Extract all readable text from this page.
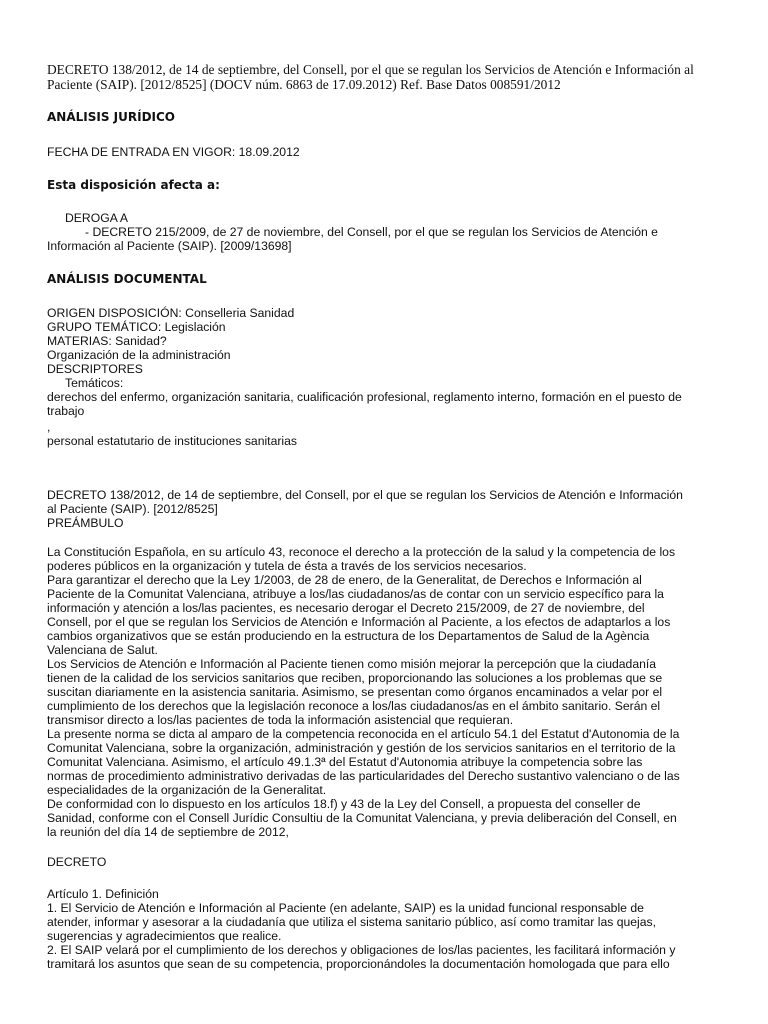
DECRETO 138/2012, de 14 de septiembre, del Consell, por el que se regulan los Servicios de Atención e Información al
Paciente (SAIP). [2012/8525] (DOCV núm. 6863 de 17.09.2012) Ref. Base Datos 008591/2012
ANÁLISIS JURÍDICO
FECHA DE ENTRADA EN VIGOR: 18.09.2012
Esta disposición afecta a:
DEROGA A
- DECRETO 215/2009, de 27 de noviembre, del Consell, por el que se regulan los Servicios de Atención e
Información al Paciente (SAIP). [2009/13698]
ANÁLISIS DOCUMENTAL
ORIGEN DISPOSICIÓN: Conselleria Sanidad
GRUPO TEMÁTICO: Legislación
MATERIAS: Sanidad?
Organización de la administración
DESCRIPTORES
Temáticos:
derechos del enfermo, organización sanitaria, cualificación profesional, reglamento interno, formación en el puesto de
trabajo
,
personal estatutario de instituciones sanitarias
DECRETO 138/2012, de 14 de septiembre, del Consell, por el que se regulan los Servicios de Atención e Información
al Paciente (SAIP). [2012/8525]
PREÁMBULO
La Constitución Española, en su artículo 43, reconoce el derecho a la protección de la salud y la competencia de los
poderes públicos en la organización y tutela de ésta a través de los servicios necesarios.
Para garantizar el derecho que la Ley 1/2003, de 28 de enero, de la Generalitat, de Derechos e Información al
Paciente de la Comunitat Valenciana, atribuye a los/las ciudadanos/as de contar con un servicio específico para la
información y atención a los/las pacientes, es necesario derogar el Decreto 215/2009, de 27 de noviembre, del
Consell, por el que se regulan los Servicios de Atención e Información al Paciente, a los efectos de adaptarlos a los
cambios organizativos que se están produciendo en la estructura de los Departamentos de Salud de la Agència
Valenciana de Salut.
Los Servicios de Atención e Información al Paciente tienen como misión mejorar la percepción que la ciudadanía
tienen de la calidad de los servicios sanitarios que reciben, proporcionando las soluciones a los problemas que se
suscitan diariamente en la asistencia sanitaria. Asimismo, se presentan como órganos encaminados a velar por el
cumplimiento de los derechos que la legislación reconoce a los/las ciudadanos/as en el ámbito sanitario. Serán el
transmisor directo a los/las pacientes de toda la información asistencial que requieran.
La presente norma se dicta al amparo de la competencia reconocida en el artículo 54.1 del Estatut d'Autonomia de la
Comunitat Valenciana, sobre la organización, administración y gestión de los servicios sanitarios en el territorio de la
Comunitat Valenciana. Asimismo, el artículo 49.1.3ª del Estatut d'Autonomia atribuye la competencia sobre las
normas de procedimiento administrativo derivadas de las particularidades del Derecho sustantivo valenciano o de las
especialidades de la organización de la Generalitat.
De conformidad con lo dispuesto en los artículos 18.f) y 43 de la Ley del Consell, a propuesta del conseller de
Sanidad, conforme con el Consell Jurídic Consultiu de la Comunitat Valenciana, y previa deliberación del Consell, en
la reunión del día 14 de septiembre de 2012,
DECRETO
Artículo 1. Definición
1. El Servicio de Atención e Información al Paciente (en adelante, SAIP) es la unidad funcional responsable de
atender, informar y asesorar a la ciudadanía que utiliza el sistema sanitario público, así como tramitar las quejas,
sugerencias y agradecimientos que realice.
2. El SAIP velará por el cumplimiento de los derechos y obligaciones de los/las pacientes, les facilitará información y
tramitará los asuntos que sean de su competencia, proporcionándoles la documentación homologada que para ello
